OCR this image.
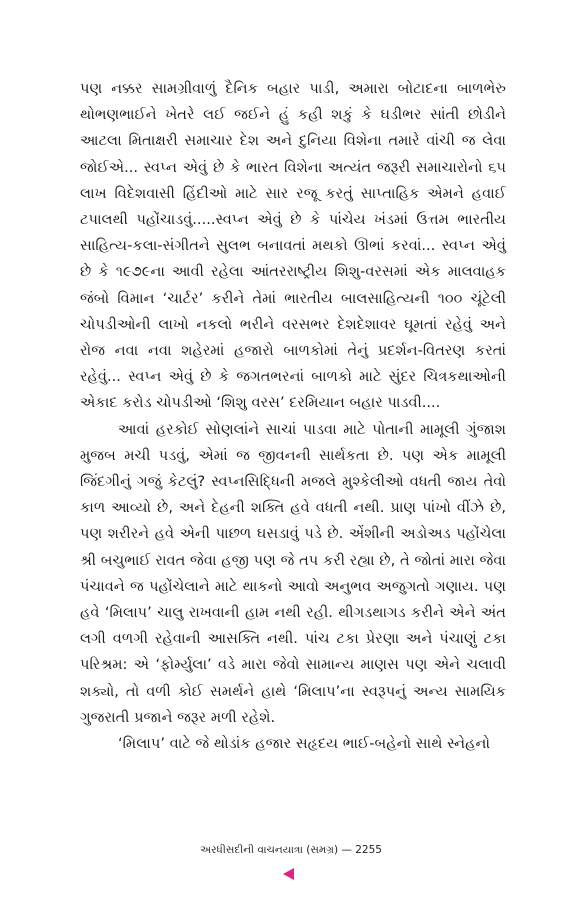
પણ નક્કર સામગ્રીવાળું દૈનિક બહાર પાડી, અમારા બોટાદના બાળભેરુ થોભણભાઈને ખેતરે લઈ જઈને હું કહી શકું કે ઘડીભર સાંતી છોડીને આટલા મિતાક્ષરી સમાચાર દેશ અને દુનિયા વિશેના તમારે વાંચી જ લેવા જોઈએ... સ્વપ્ન એવું છે કે ભારત વિશેના અત્યંત જરૂરી સમાચારોનો ૬૫ લાખ વિદેશવાસી હિંદીઓ માટે સાર રજૂ કરતું સાપ્તાહિક એમને હવાઈ ટપાલથી પહોંચાડવું.....સ્વપ્ન એવું છે કે પાંચેય ખંડમાં ઉત્તમ ભારતીય સાહિત્ય-કલા-સંગીતને સુલભ બનાવતાં મથકો ઊભાં કરવાં... સ્વપ્ન એવું છે કે ૧૯૭૯ના આવી રહેલા આંતરરાષ્ટ્રીય શિશુ-વરસમાં એક માલવાહક જંબો વિમાન ‘ચાર્ટર’ કરીને તેમાં ભારતીય બાલસાહિત્યની ૧૦૦ ચૂંટેલી ચોપડીઓની લાખો નકલો ભરીને વરસભર દેશદેશાવર ઘૂમતાં રહેવું અને રોજ નવા નવા શહેરમાં હજારો બાળકોમાં તેનું પ્રદર્શન-વિતરણ કરતાં રહેવું... સ્વપ્ન એવું છે કે જગતભરનાં બાળકો માટે સુંદર ચિત્રકથાઓની એકાદ કરોડ ચોપડીઓ ‘શિશુ વરસ’ દરમિયાન બહાર પાડવી....

આવાં હરકોઈ સોણલાંને સાચાં પાડવા માટે પોતાની મામૂલી ગુંજાશ મુજબ મચી પડવું, એમાં જ જીવનની સાર્થકતા છે. પણ એક મામૂલી જિંદગીનું ગજું કેટલું? સ્વપ્નસિદ્ધિની મજલે મુશ્કેલીઓ વધતી જાય તેવો કાળ આવ્યો છે, અને દેહની શક્તિ હવે વધતી નથી. પ્રાણ પાંખો વીંઝે છે, પણ શરીરને હવે એની પાછળ ઘસડાવું પડે છે. એંશીની અડોઅડ પહોંચેલા શ્રી બચુભાઈ રાવત જેવા હજી પણ જે તપ કરી રહ્યા છે, તે જોતાં મારા જેવા પંચાવને જ પહોંચેલાને માટે થાકનો આવો અનુભવ અજુગતો ગણાય. પણ હવે ‘મિલાપ’ ચાલુ રાખવાની હામ નથી રહી. થીગડથાગડ કરીને એને અંત લગી વળગી રહેવાની આસક્તિ નથી. પાંચ ટકા પ્રેરણા અને પંચાણું ટકા પરિશ્રમ: એ ‘ફોર્મ્યુલા’ વડે મારા જેવો સામાન્ય માણસ પણ એને ચલાવી શક્યો, તો વળી કોઈ સમર્થને હાથે ‘મિલાપ’ના સ્વરૂપનું અન્ય સામયિક ગુજરાતી પ્રજાને જરૂર મળી રહેશે.

‘મિલાપ’ વાટે જે થોડાંક હજાર સહૃદય ભાઈ-બહેનો સાથે સ્નેહનો

અરધીસદીની વાચનયાત્રા (સમગ્ર) — 2255
